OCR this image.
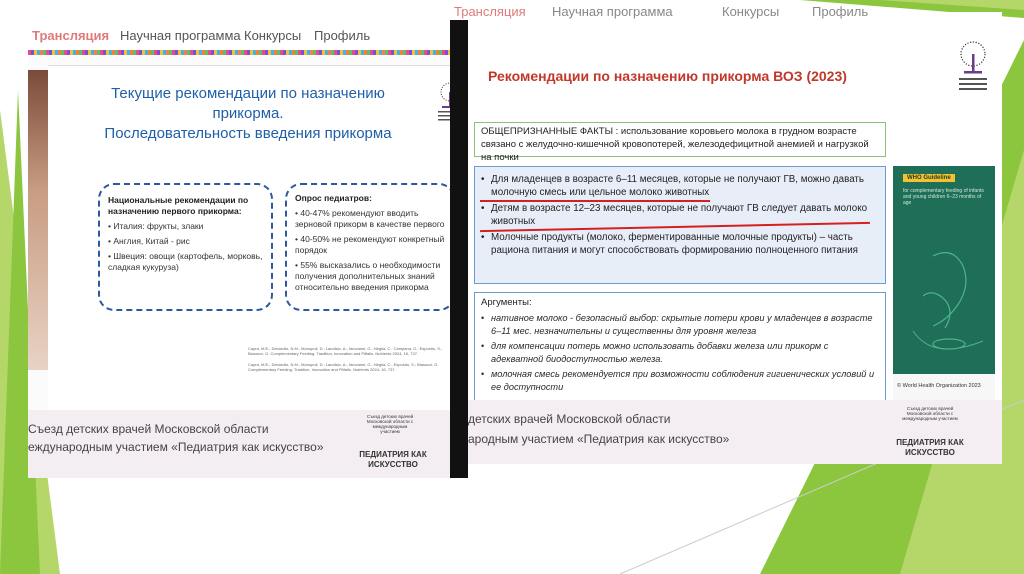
Трансляция Научная программа Конкурсы Профиль
Текущие рекомендации по назначению прикорма.
Последовательность введения прикорма
Национальные рекомендации по назначению первого прикорма:
• Италия: фрукты, злаки
• Англия, Китай - рис
• Швеция: овощи (картофель, морковь, сладкая кукуруза)
Опрос педиатров:
• 40-47% рекомендуют вводить зерновой прикорм в качестве первого
• 40-50% не рекомендуют конкретный порядок
• 55% высказались о необходимости получения дополнительных знаний относительно введения прикорма
Capra, M.E.; Decarolis, N.M.; Monopoli, D.; Laudisio, A.; Idrovanni, G.; Neglia, C.; Campana, G.; Esposito, S.; Biasucci, G. Complementary Feeding: Tradition, Innovation and Pitfalls. Nutrients 2024, 16, 737.
Capra, M.E.; Decarolis, N.M.; Monopoli, D.; Laudisio, A.; Idrovanni, G.; Neglia, C.; Esposito, S.; Biasucci, G. Complementary Feeding: Tradition, Innovation and Pitfalls. Nutrients 2024, 16, 737.
Съезд детских врачей Московской области
еждународным участием «Педиатрия как искусство»
Съезд детских врачей Московской области с международным участием
ПЕДИАТРИЯ КАК ИСКУССТВО
Трансляция Научная программа	Конкурсы	Профиль
Рекомендации по назначению прикорма ВОЗ (2023)
ОБЩЕПРИЗНАННЫЕ ФАКТЫ : использование коровьего молока в грудном возрасте связано с желудочно-кишечной кровопотерей, железодефицитной анемией и нагрузкой на почки
• Для младенцев в возрасте 6–11 месяцев, которые не получают ГВ, можно давать молочную смесь или цельное молоко животных
• Детям в возрасте 12–23 месяцев, которые не получают ГВ следует давать молоко животных
• Молочные продукты (молоко, ферментированные молочные продукты) – часть рациона питания и могут способствовать формированию полноценного питания
Аргументы:
• нативное молоко - безопасный выбор: скрытые потери крови у младенцев в возрасте 6–11 мес. незначительны и существенны для уровня железа
• для компенсации потерь можно использовать добавки железа или прикорм с адекватной биодоступностью железа.
• молочная смесь рекомендуется при возможности соблюдения гигиенических условий и ее доступности
WHO Guideline
for complementary feeding of infants and young children 6–23 months of age
© World Health Organization 2023
детских врачей Московской области
ародным участием «Педиатрия как искусство»
Съезд детских врачей Московской области с международным участием
ПЕДИАТРИЯ КАК ИСКУССТВО
